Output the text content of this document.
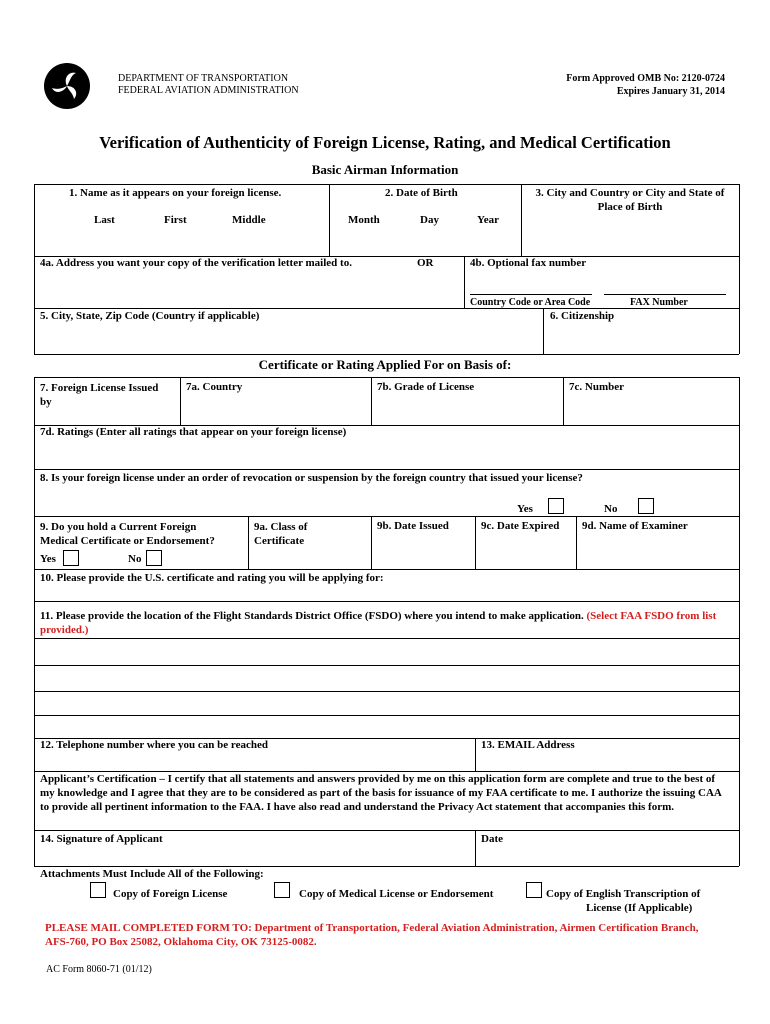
DEPARTMENT OF TRANSPORTATION
FEDERAL AVIATION ADMINISTRATION
Form Approved OMB No: 2120-0724
Expires January 31, 2014
Verification of Authenticity of Foreign License, Rating, and Medical Certification
Basic Airman Information
1. Name as it appears on your foreign license.
Last	First	Middle
2. Date of Birth
Month	Day	Year
3. City and Country or City and State of Place of Birth
4a. Address you want your copy of the verification letter mailed to.	OR	4b. Optional fax number
Country Code or Area Code	FAX Number
5. City, State, Zip Code (Country if applicable)	6. Citizenship
Certificate or Rating Applied For on Basis of:
7. Foreign License Issued by
7a. Country	7b. Grade of License	7c. Number
7d. Ratings (Enter all ratings that appear on your foreign license)
8. Is your foreign license under an order of revocation or suspension by the foreign country that issued your license?
Yes	No
9. Do you hold a Current Foreign Medical Certificate or Endorsement?
9a. Class of Certificate
9b. Date Issued	9c. Date Expired 9d. Name of Examiner
Yes	No
10. Please provide the U.S. certificate and rating you will be applying for:
11. Please provide the location of the Flight Standards District Office (FSDO) where you intend to make application. (Select FAA FSDO from list provided.)
12. Telephone number where you can be reached	13. EMAIL Address
Applicant’s Certification – I certify that all statements and answers provided by me on this application form are complete and true to the best of my knowledge and I agree that they are to be considered as part of the basis for issuance of my FAA certificate to me. I authorize the issuing CAA to provide all pertinent information to the FAA. I have also read and understand the Privacy Act statement that accompanies this form.
14. Signature of Applicant	Date
Attachments Must Include All of the Following:
Copy of Foreign License	Copy of Medical License or Endorsement	Copy of English Transcription of
License (If Applicable)
PLEASE MAIL COMPLETED FORM TO: Department of Transportation, Federal Aviation Administration, Airmen Certification Branch, AFS-760, PO Box 25082, Oklahoma City, OK 73125-0082.
AC Form 8060-71 (01/12)
